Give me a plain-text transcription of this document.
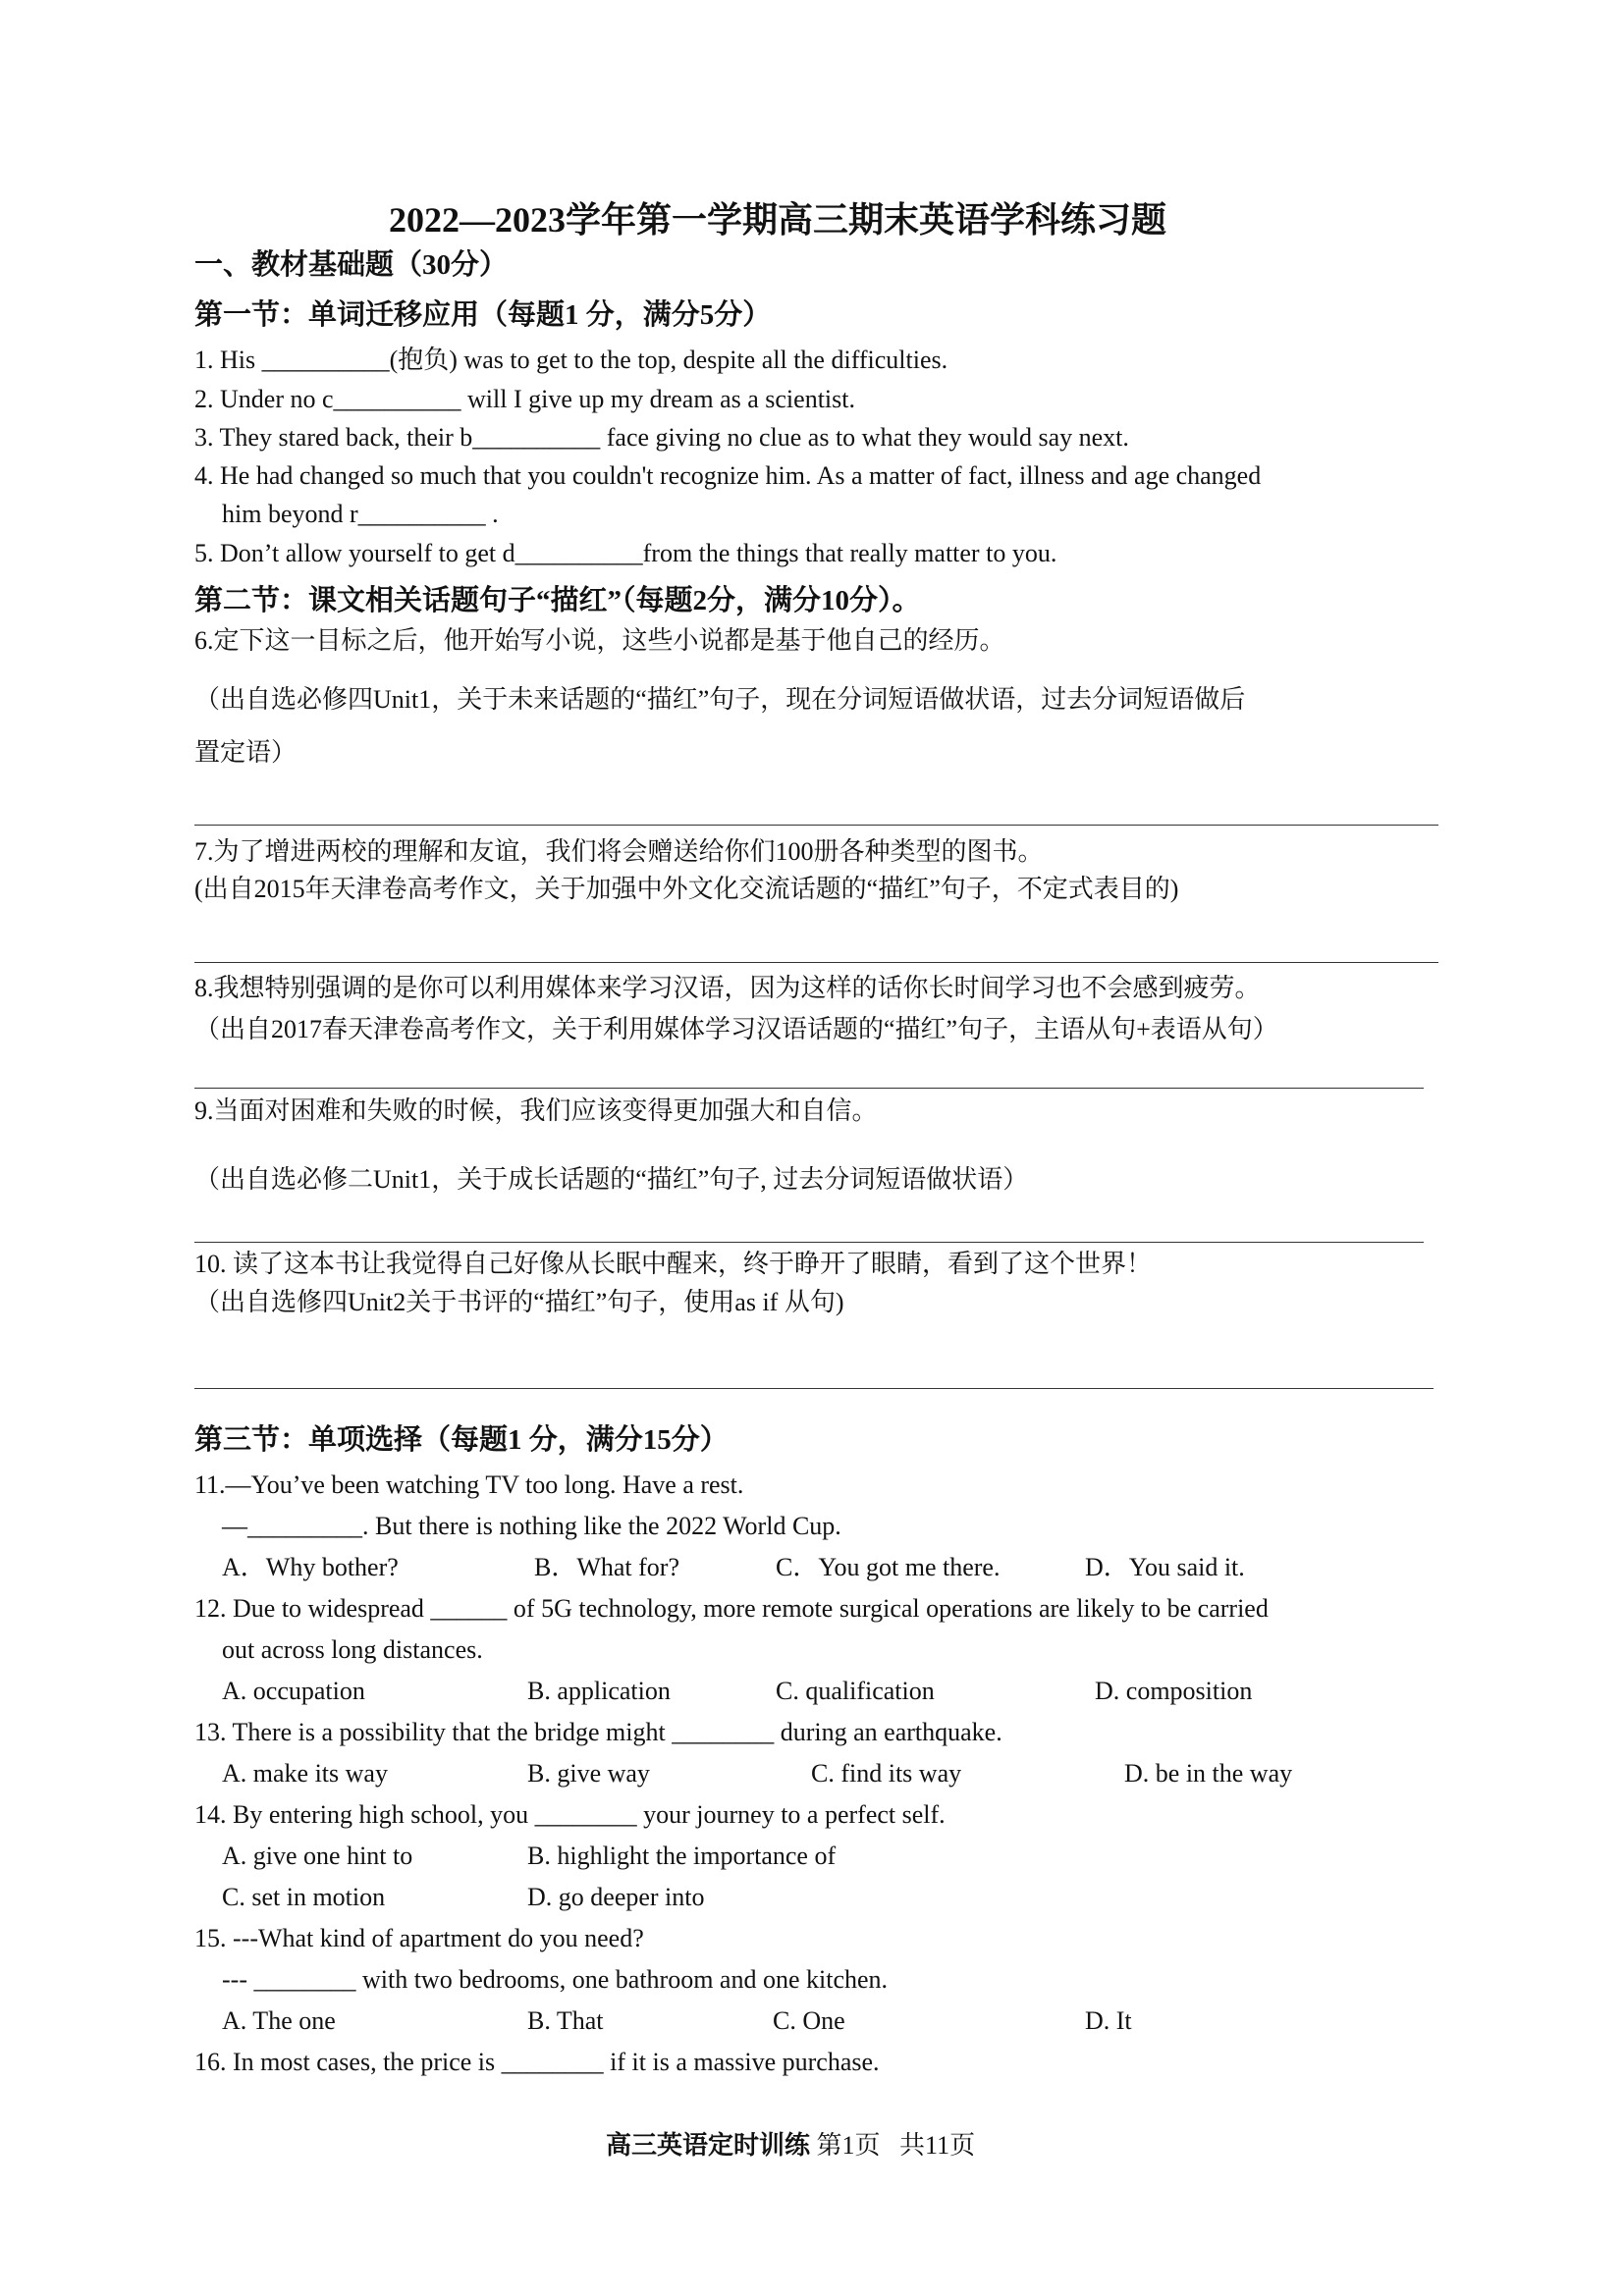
2022—2023学年第一学期高三期末英语学科练习题
一、教材基础题（30分）
第一节：单词迁移应用（每题1 分，满分5分）
1. His __________(抱负) was to get to the top, despite all the difficulties.
2. Under no c__________ will I give up my dream as a scientist.
3. They stared back, their b__________ face giving no clue as to what they would say next.
4. He had changed so much that you couldn't recognize him. As a matter of fact, illness and age changed
him beyond r__________ .
5. Don’t allow yourself to get d__________from the things that really matter to you.
第二节：课文相关话题句子“描红”（每题2分，满分10分）。
6.定下这一目标之后，他开始写小说，这些小说都是基于他自己的经历。
（出自选必修四Unit1，关于未来话题的“描红”句子，现在分词短语做状语，过去分词短语做后
置定语）
7.为了增进两校的理解和友谊，我们将会赠送给你们100册各种类型的图书。
(出自2015年天津卷高考作文，关于加强中外文化交流话题的“描红”句子，不定式表目的)
8.我想特别强调的是你可以利用媒体来学习汉语，因为这样的话你长时间学习也不会感到疲劳。
（出自2017春天津卷高考作文，关于利用媒体学习汉语话题的“描红”句子，主语从句+表语从句）
9.当面对困难和失败的时候，我们应该变得更加强大和自信。
（出自选必修二Unit1，关于成长话题的“描红”句子, 过去分词短语做状语）
10. 读了这本书让我觉得自己好像从长眠中醒来，终于睁开了眼睛，看到了这个世界！
（出自选修四Unit2关于书评的“描红”句子，使用as if 从句)
第三节：单项选择（每题1 分，满分15分）
11.—You’ve been watching TV too long. Have a rest.
—_________. But there is nothing like the 2022 World Cup.
A．Why bother?	B．What for?	C．You got me there.	D．You said it.
12. Due to widespread ______ of 5G technology, more remote surgical operations are likely to be carried
out across long distances.
A. occupation	B. application	C. qualification	D. composition
13. There is a possibility that the bridge might ________ during an earthquake.
A. make its way	B. give way	C. find its way	D. be in the way
14. By entering high school, you ________ your journey to a perfect self.
A. give one hint to	B. highlight the importance of
C. set in motion	D. go deeper into
15. ---What kind of apartment do you need?
--- ________ with two bedrooms, one bathroom and one kitchen.
A. The one	B. That	C. One	D. It
16. In most cases, the price is ________ if it is a massive purchase.
高三英语定时训练 第1页 共11页
